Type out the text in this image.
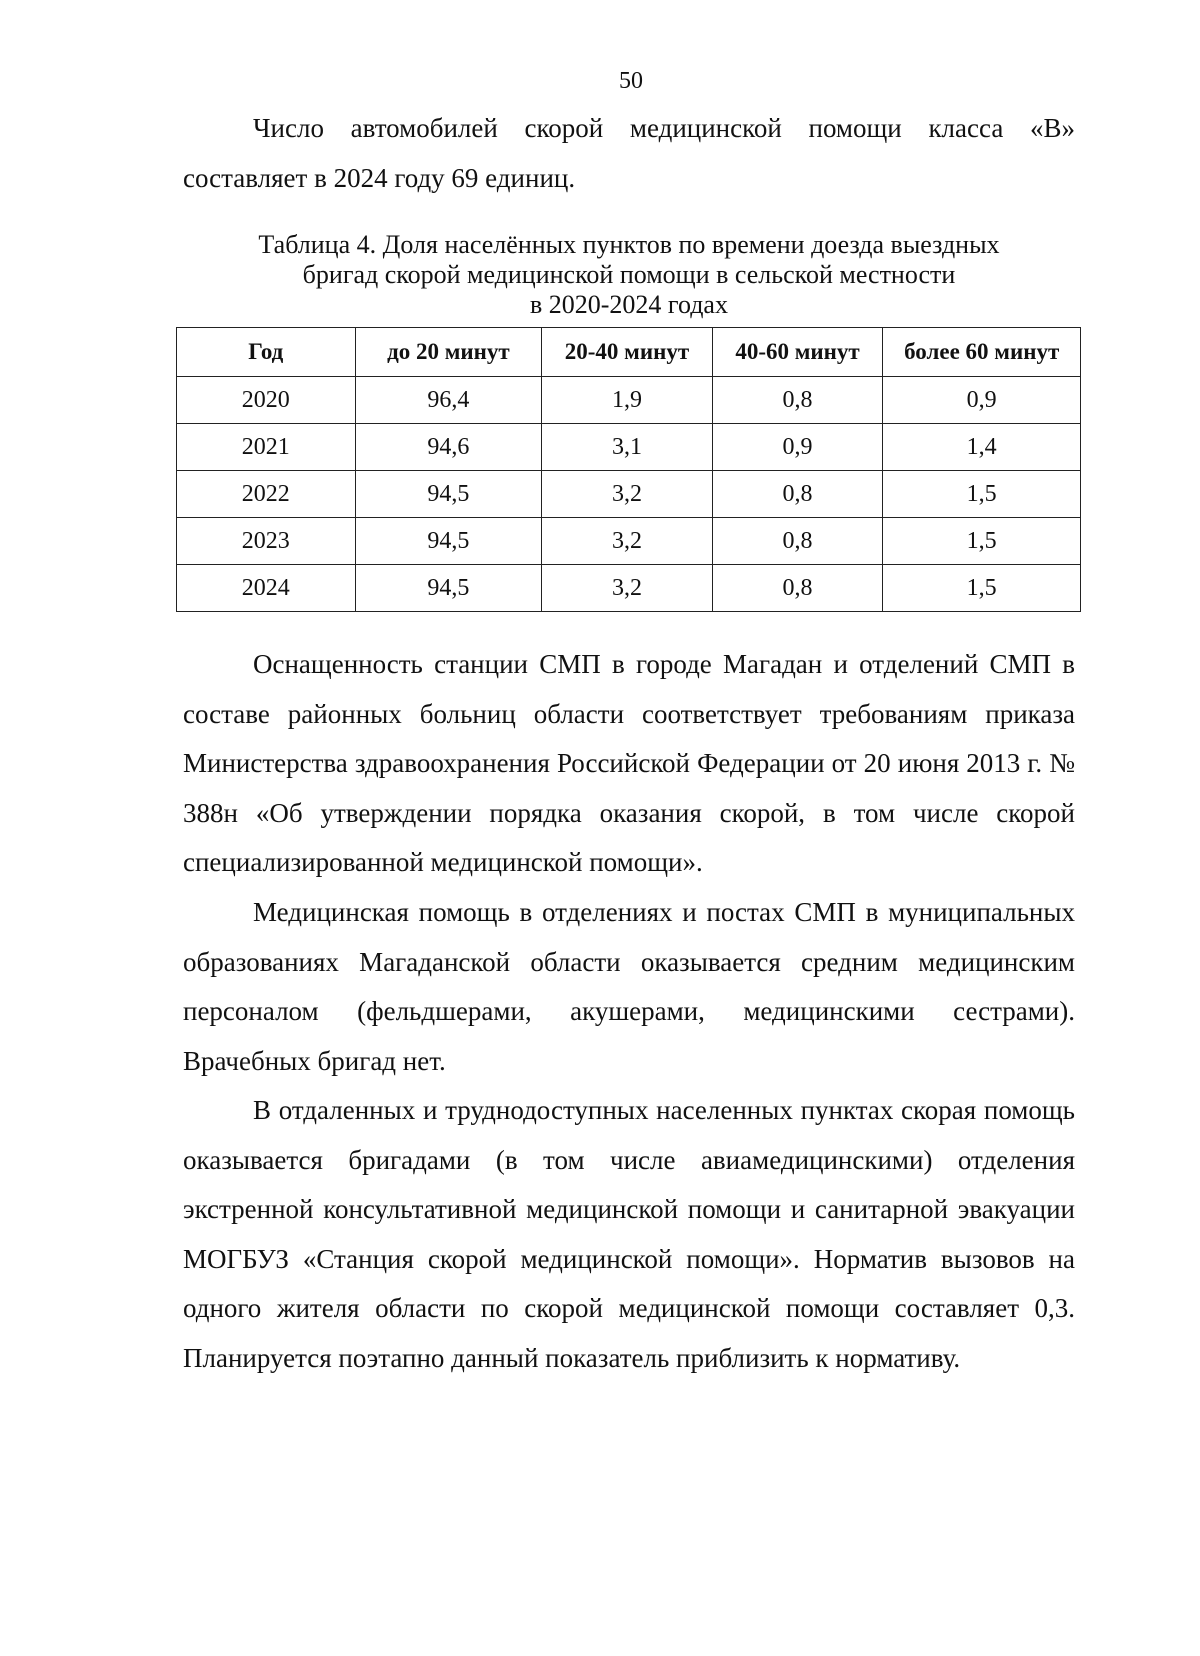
50

Число автомобилей скорой медицинской помощи класса «В» составляет в 2024 году 69 единиц.

Таблица 4. Доля населённых пунктов по времени доезда выездных
бригад скорой медицинской помощи в сельской местности
в 2020-2024 годах
Год	до 20 минут	20-40 минут	40-60 минут	более 60 минут
2020	96,4	1,9	0,8	0,9
2021	94,6	3,1	0,9	1,4
2022	94,5	3,2	0,8	1,5
2023	94,5	3,2	0,8	1,5
2024	94,5	3,2	0,8	1,5

Оснащенность станции СМП в городе Магадан и отделений СМП в составе районных больниц области соответствует требованиям приказа Министерства здравоохранения Российской Федерации от 20 июня 2013 г. № 388н «Об утверждении порядка оказания скорой, в том числе скорой специализированной медицинской помощи».

Медицинская помощь в отделениях и постах СМП в муниципальных образованиях Магаданской области оказывается средним медицинским персоналом (фельдшерами, акушерами, медицинскими сестрами). Врачебных бригад нет.

В отдаленных и труднодоступных населенных пунктах скорая помощь оказывается бригадами (в том числе авиамедицинскими) отделения экстренной консультативной медицинской помощи и санитарной эвакуации МОГБУЗ «Станция скорой медицинской помощи». Норматив вызовов на одного жителя области по скорой медицинской помощи составляет 0,3. Планируется поэтапно данный показатель приблизить к нормативу.
